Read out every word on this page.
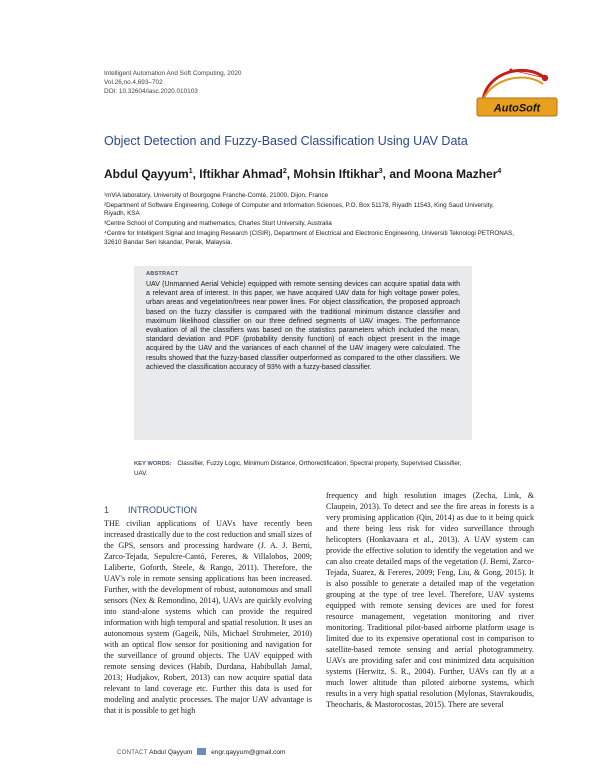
Intelligent Automation And Soft Computing, 2020
Vol.26,no.4,693–702
DOI: 10.32604/iasc.2020.010103
AutoSoft
Object Detection and Fuzzy-Based Classification Using UAV Data
Abdul Qayyum$^1$, Iftikhar Ahmad$^2$, Mohsin Iftikhar$^3$, and Moona Mazher$^4$

¹mViA laboratory, University of Bourgogne Franche-Comté, 21000, Dijon, France

²Department of Software Engineering, College of Computer and Information Sciences, P.O. Box 51178, Riyadh 11543, King Saud University, Riyadh, KSA

³Centre School of Computing and mathematics, Charles Sturt University, Australia

⁴Centre for Intelligent Signal and Imaging Research (CISIR), Department of Electrical and Electronic Engineering, Universiti Teknologi PETRONAS, 32610 Bandar Seri Iskandar, Perak, Malaysia.

ABSTRACT
UAV (Unmanned Aerial Vehicle) equipped with remote sensing devices can acquire spatial data with a relevant area of interest. In this paper, we have acquired UAV data for high voltage power poles, urban areas and vegetation/trees near power lines. For object classification, the proposed approach based on the fuzzy classifier is compared with the traditional minimum distance classifier and maximum likelihood classifier on our three defined segments of UAV images. The performance evaluation of all the classifiers was based on the statistics parameters which included the mean, standard deviation and PDF (probability density function) of each object present in the image acquired by the UAV and the variances of each channel of the UAV imagery were calculated. The results showed that the fuzzy-based classifier outperformed as compared to the other classifiers. We achieved the classification accuracy of 93% with a fuzzy-based classifier.
KEY WORDS: Classifier, Fuzzy Logic, Minimum Distance, Orthorectification, Spectral property, Supervised Classifier, UAV.
1 INTRODUCTION
THE civilian applications of UAVs have recently been increased drastically due to the cost reduction and small sizes of the GPS, sensors and processing hardware (J. A. J. Berni, Zarco-Tejada, Sepulcre-Cantó, Fereres, & Villalobos, 2009; Laliberte, Goforth, Steele, & Rango, 2011). Therefore, the UAV's role in remote sensing applications has been increased. Further, with the development of robust, autonomous and small sensors (Nex & Remondino, 2014), UAVs are quickly evolving into stand-alone systems which can provide the required information with high temporal and spatial resolution. It uses an autonomous system (Gageik, Nils, Michael Strohmeier, 2010) with an optical flow sensor for positioning and navigation for the surveillance of ground objects. The UAV equipped with remote sensing devices (Habib, Durdana, Habibullah Jamal, 2013; Hudjakov, Robert, 2013) can now acquire spatial data relevant to land coverage etc. Further this data is used for modeling and analytic processes. The major UAV advantage is that it is possible to get high
frequency and high resolution images (Zecha, Link, & Claupein, 2013). To detect and see the fire areas in forests is a very promising application (Qin, 2014) as due to it being quick and there being less risk for video surveillance through helicopters (Honkavaara et al., 2013). A UAV system can provide the effective solution to identify the vegetation and we can also create detailed maps of the vegetation (J. Berni, Zarco-Tejada, Suarez, & Fereres, 2009; Feng, Liu, & Gong, 2015). It is also possible to generate a detailed map of the vegetation grouping at the type of tree level. Therefore, UAV systems equipped with remote sensing devices are used for forest resource management, vegetation monitoring and river monitoring. Traditional pilot-based airborne platform usage is limited due to its expensive operational cost in comparison to satellite-based remote sensing and aerial photogrammetry. UAVs are providing safer and cost minimized data acquisition systems (Herwitz, S. R., 2004). Further, UAVs can fly at a much lower altitude than piloted airborne systems, which results in a very high spatial resolution (Mylonas, Stavrakoudis, Theocharis, & Mastorocostas, 2015). There are several
CONTACT Abdul Qayyum	engr.qayyum@gmail.com
